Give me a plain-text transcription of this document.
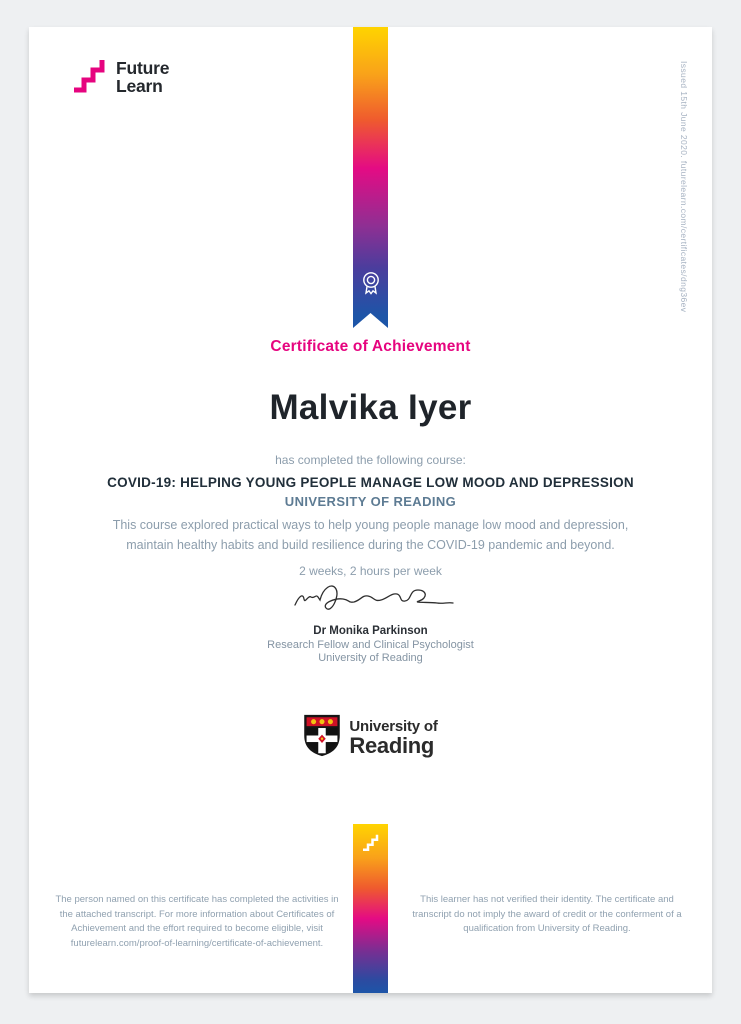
Future
Learn	Issued 15th June 2020. futurelearn.com/certificates/dng36ev
Certificate of Achievement
Malvika Iyer
has completed the following course:
COVID-19: HELPING YOUNG PEOPLE MANAGE LOW MOOD AND DEPRESSION
UNIVERSITY OF READING
This course explored practical ways to help young people manage low mood and depression, maintain healthy habits and build resilience during the COVID-19 pandemic and beyond.
2 weeks, 2 hours per week
Dr Monika Parkinson
Research Fellow and Clinical Psychologist
University of Reading
University of
Reading
The person named on this certificate has completed the activities in the attached transcript. For more information about Certificates of Achievement and the effort required to become eligible, visit futurelearn.com/proof-of-learning/certificate-of-achievement.
This learner has not verified their identity. The certificate and transcript do not imply the award of credit or the conferment of a qualification from University of Reading.
